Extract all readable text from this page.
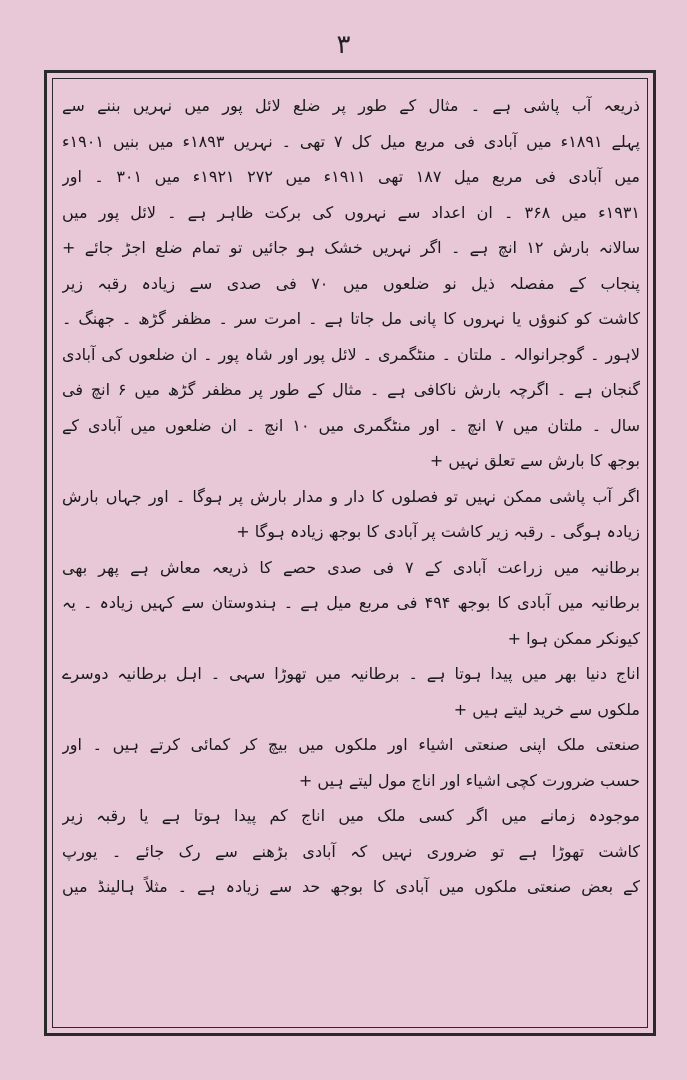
۳
ذریعہ آب پاشی ہے ۔ مثال کے طور پر ضلع لائل پور میں نہریں بننے سے
پہلے ۱۸۹۱ء میں آبادی فی مربع میل کل ۷ تھی ۔ نہریں ۱۸۹۳ء میں بنیں ۱۹۰۱ء
میں آبادی فی مربع میل ۱۸۷ تھی ۱۹۱۱ء میں ۲۷۲ ۱۹۲۱ء میں ۳۰۱ ۔ اور
۱۹۳۱ء میں ۳۶۸ ۔ ان اعداد سے نہروں کی برکت ظاہر ہے ۔ لائل پور میں
سالانہ بارش ۱۲ انچ ہے ۔ اگر نہریں خشک ہو جائیں تو تمام ضلع اجڑ جائے +
پنجاب کے مفصلہ ذیل نو ضلعوں میں ۷۰ فی صدی سے زیادہ رقبہ زیر
کاشت کو کنوؤں یا نہروں کا پانی مل جاتا ہے ۔ امرت سر ۔ مظفر گڑھ ۔ جھنگ ۔
لاہور ۔ گوجرانوالہ ۔ ملتان ۔ منٹگمری ۔ لائل پور اور شاہ پور ۔ ان ضلعوں کی آبادی
گنجان ہے ۔ اگرچہ بارش ناکافی ہے ۔ مثال کے طور پر مظفر گڑھ میں ۶ انچ فی
سال ۔ ملتان میں ۷ انچ ۔ اور منٹگمری میں ۱۰ انچ ۔ ان ضلعوں میں آبادی کے
بوجھ کا بارش سے تعلق نہیں +
اگر آب پاشی ممکن نہیں تو فصلوں کا دار و مدار بارش پر ہوگا ۔ اور جہاں بارش
زیادہ ہوگی ۔ رقبہ زیر کاشت پر آبادی کا بوجھ زیادہ ہوگا +
برطانیہ میں زراعت آبادی کے ۷ فی صدی حصے کا ذریعہ معاش ہے پھر بھی
برطانیہ میں آبادی کا بوجھ ۴۹۴ فی مربع میل ہے ۔ ہندوستان سے کہیں زیادہ ۔ یہ
کیونکر ممکن ہوا +
اناج دنیا بھر میں پیدا ہوتا ہے ۔ برطانیہ میں تھوڑا سہی ۔ اہل برطانیہ دوسرے
ملکوں سے خرید لیتے ہیں +
صنعتی ملک اپنی صنعتی اشیاء اور ملکوں میں بیچ کر کمائی کرتے ہیں ۔ اور
حسب ضرورت کچی اشیاء اور اناج مول لیتے ہیں +
موجودہ زمانے میں اگر کسی ملک میں اناج کم پیدا ہوتا ہے یا رقبہ زیر
کاشت تھوڑا ہے تو ضروری نہیں کہ آبادی بڑھنے سے رک جائے ۔ یورپ
کے بعض صنعتی ملکوں میں آبادی کا بوجھ حد سے زیادہ ہے ۔ مثلاً ہالینڈ میں
